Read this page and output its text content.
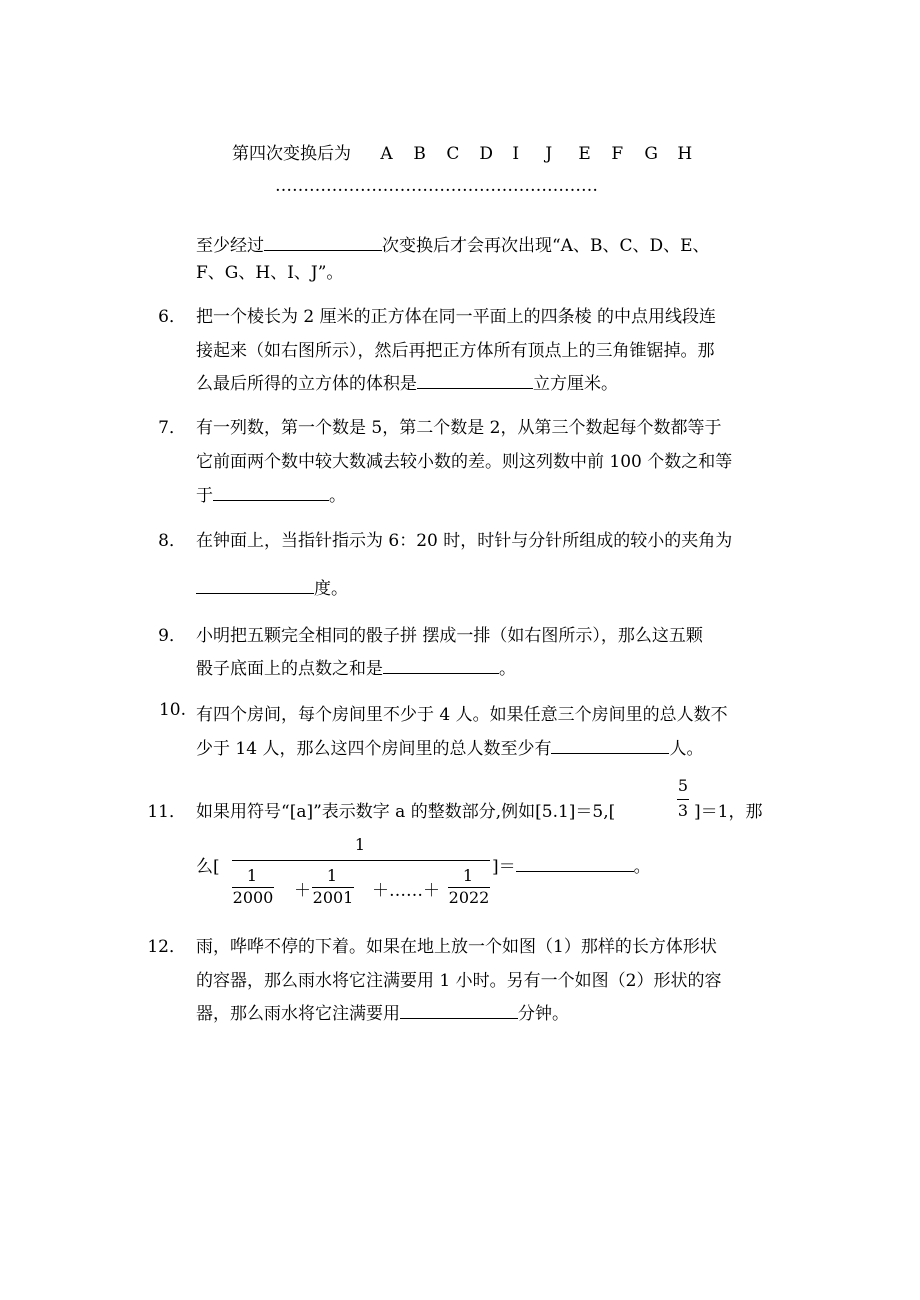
第四次变换后为 A B C D I J E F G H
…………………………………………………
至少经过	次变换后才会再次出现“A、B、C、D、E、
F、G、H、I、J”。
6． 把一个棱长为 2 厘米的正方体在同一平面上的四条棱 的中点用线段连
接起来（如右图所示），然后再把正方体所有顶点上的三角锥锯掉。那
么最后所得的立方体的体积是	立方厘米。
7． 有一列数，第一个数是 5，第二个数是 2，从第三个数起每个数都等于
它前面两个数中较大数减去较小数的差。则这列数中前 100 个数之和等
于	。
8． 在钟面上，当指针指示为 6：20 时，时针与分针所组成的较小的夹角为
度。
9． 小明把五颗完全相同的骰子拼 摆成一排（如右图所示），那么这五颗
骰子底面上的点数之和是	。
10. 有四个房间，每个房间里不少于 4 人。如果任意三个房间里的总人数不
少于 14 人，那么这四个房间里的总人数至少有	人。
11． 如果用符号“[a]”表示数字 a 的整数部分,例如[5.1]＝5,[
5
3 ]＝1，那
么[
1
1
2000 ＋
1
2001 ＋……＋
1
2022
]＝	。
12． 雨，哗哗不停的下着。如果在地上放一个如图（1）那样的长方体形状
的容器，那么雨水将它注满要用 1 小时。另有一个如图（2）形状的容
器，那么雨水将它注满要用	分钟。
